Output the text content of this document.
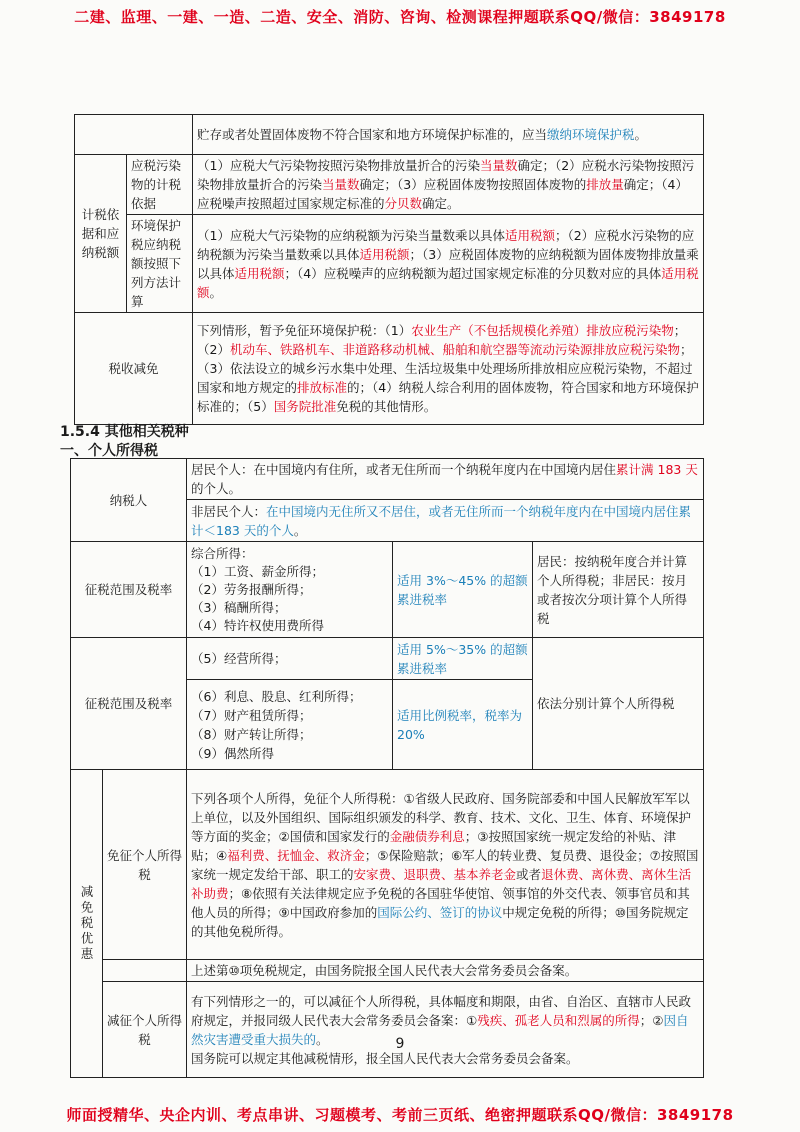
二建、监理、一建、一造、二造、安全、消防、咨询、检测课程押题联系QQ/微信：3849178
		贮存或者处置固体废物不符合国家和地方环境保护标准的，应当缴纳环境保护税。
计税依据和应纳税额	应税污染物的计税依据	（1）应税大气污染物按照污染物排放量折合的污染当量数确定；（2）应税水污染物按照污染物排放量折合的污染当量数确定；（3）应税固体废物按照固体废物的排放量确定；（4）应税噪声按照超过国家规定标准的分贝数确定。
	环境保护税应纳税额按照下列方法计算	（1）应税大气污染物的应纳税额为污染当量数乘以具体适用税额；（2）应税水污染物的应纳税额为污染当量数乘以具体适用税额；（3）应税固体废物的应纳税额为固体废物排放量乘以具体适用税额；（4）应税噪声的应纳税额为超过国家规定标准的分贝数对应的具体适用税额。
税收减免		下列情形，暂予免征环境保护税：（1）农业生产（不包括规模化养殖）排放应税污染物；（2）机动车、铁路机车、非道路移动机械、船舶和航空器等流动污染源排放应税污染物；（3）依法设立的城乡污水集中处理、生活垃圾集中处理场所排放相应应税污染物，不超过国家和地方规定的排放标准的；（4）纳税人综合利用的固体废物，符合国家和地方环境保护标准的；（5）国务院批准免税的其他情形。
1.5.4 其他相关税种
一、个人所得税
纳税人		居民个人：在中国境内有住所，或者无住所而一个纳税年度内在中国境内居住累计满 183 天的个人。		
		非居民个人：在中国境内无住所又不居住，或者无住所而一个纳税年度内在中国境内居住累计＜183 天的个人。		
征税范围及税率		综合所得：
（1）工资、薪金所得；
（2）劳务报酬所得；
（3）稿酬所得；
（4）特许权使用费所得	适用 3%～45% 的超额累进税率	居民：按纳税年度合并计算个人所得税；非居民：按月或者按次分项计算个人所得税
征税范围及税率		（5）经营所得；	适用 5%～35% 的超额累进税率	依法分别计算个人所得税

		（6）利息、股息、红利所得；
（7）财产租赁所得；
（8）财产转让所得；
（9）偶然所得	适用比例税率，税率为 20%	

减免税优惠	免征个人所得税	下列各项个人所得，免征个人所得税：①省级人民政府、国务院部委和中国人民解放军军以上单位，以及外国组织、国际组织颁发的科学、教育、技术、文化、卫生、体育、环境保护等方面的奖金；②国债和国家发行的金融债券利息；③按照国家统一规定发给的补贴、津贴；④福利费、抚恤金、救济金；⑤保险赔款；⑥军人的转业费、复员费、退役金；⑦按照国家统一规定发给干部、职工的安家费、退职费、基本养老金或者退休费、离休费、离休生活补助费；⑧依照有关法律规定应予免税的各国驻华使馆、领事馆的外交代表、领事官员和其他人员的所得；⑨中国政府参加的国际公约、签订的协议中规定免税的所得；⑩国务院规定的其他免税所得。		
		上述第⑩项免税规定，由国务院报全国人民代表大会常务委员会备案。		
	减征个人所得税	有下列情形之一的，可以减征个人所得税，具体幅度和期限，由省、自治区、直辖市人民政府规定，并报同级人民代表大会常务委员会备案：①残疾、孤老人员和烈属的所得；②因自然灾害遭受重大损失的。
国务院可以规定其他减税情形，报全国人民代表大会常务委员会备案。		
9
师面授精华、央企内训、考点串讲、习题模考、考前三页纸、绝密押题联系QQ/微信：3849178
